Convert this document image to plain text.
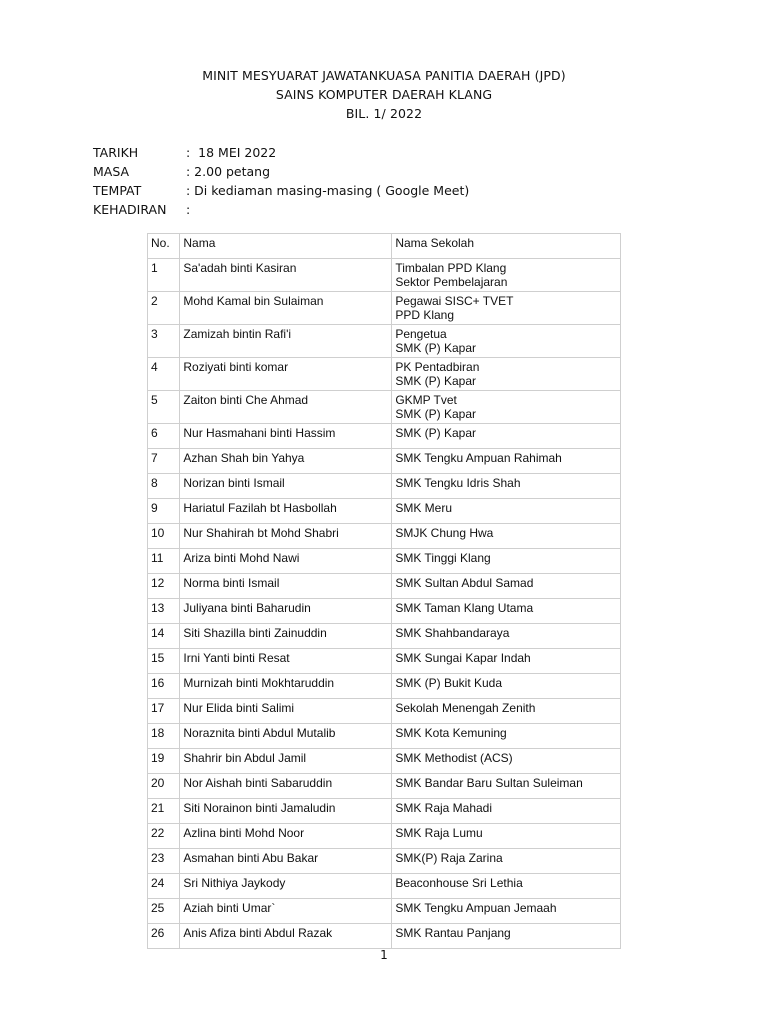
MINIT MESYUARAT JAWATANKUASA PANITIA DAERAH (JPD)
SAINS KOMPUTER DAERAH KLANG
BIL. 1/ 2022
TARIKH	:  18 MEI 2022
MASA	: 2.00 petang
TEMPAT	: Di kediaman masing-masing ( Google Meet)
KEHADIRAN	:
No.	Nama	Nama Sekolah
1	Sa'adah binti Kasiran	Timbalan PPD Klang
Sektor Pembelajaran

2	Mohd Kamal bin Sulaiman	Pegawai SISC+ TVET
PPD Klang

3	Zamizah bintin Rafi'i	Pengetua
SMK (P) Kapar

4	Roziyati binti komar	PK Pentadbiran
SMK (P) Kapar

5	Zaiton binti Che Ahmad	GKMP Tvet
SMK (P) Kapar

6	Nur Hasmahani binti Hassim	SMK (P) Kapar

7	Azhan Shah bin Yahya	SMK Tengku Ampuan Rahimah

8	Norizan binti Ismail	SMK Tengku Idris Shah

9	Hariatul Fazilah bt Hasbollah	SMK Meru

10	Nur Shahirah bt Mohd Shabri	SMJK Chung Hwa

11	Ariza binti Mohd Nawi	SMK Tinggi Klang

12	Norma binti Ismail	SMK Sultan Abdul Samad

13	Juliyana binti Baharudin	SMK Taman Klang Utama

14	Siti Shazilla binti Zainuddin	SMK Shahbandaraya

15	Irni Yanti binti Resat	SMK Sungai Kapar Indah

16	Murnizah binti Mokhtaruddin	SMK (P) Bukit Kuda

17	Nur Elida binti Salimi	Sekolah Menengah Zenith

18	Noraznita binti Abdul Mutalib	SMK Kota Kemuning

19	Shahrir bin Abdul Jamil	SMK Methodist (ACS)

20	Nor Aishah binti Sabaruddin	SMK Bandar Baru Sultan Suleiman

21	Siti Norainon binti Jamaludin	SMK Raja Mahadi

22	Azlina binti Mohd Noor	SMK Raja Lumu

23	Asmahan binti Abu Bakar	SMK(P) Raja Zarina

24	Sri Nithiya Jaykody	Beaconhouse Sri Lethia

25	Aziah binti Umar`	SMK Tengku Ampuan Jemaah

26	Anis Afiza binti Abdul Razak	SMK Rantau Panjang
1
